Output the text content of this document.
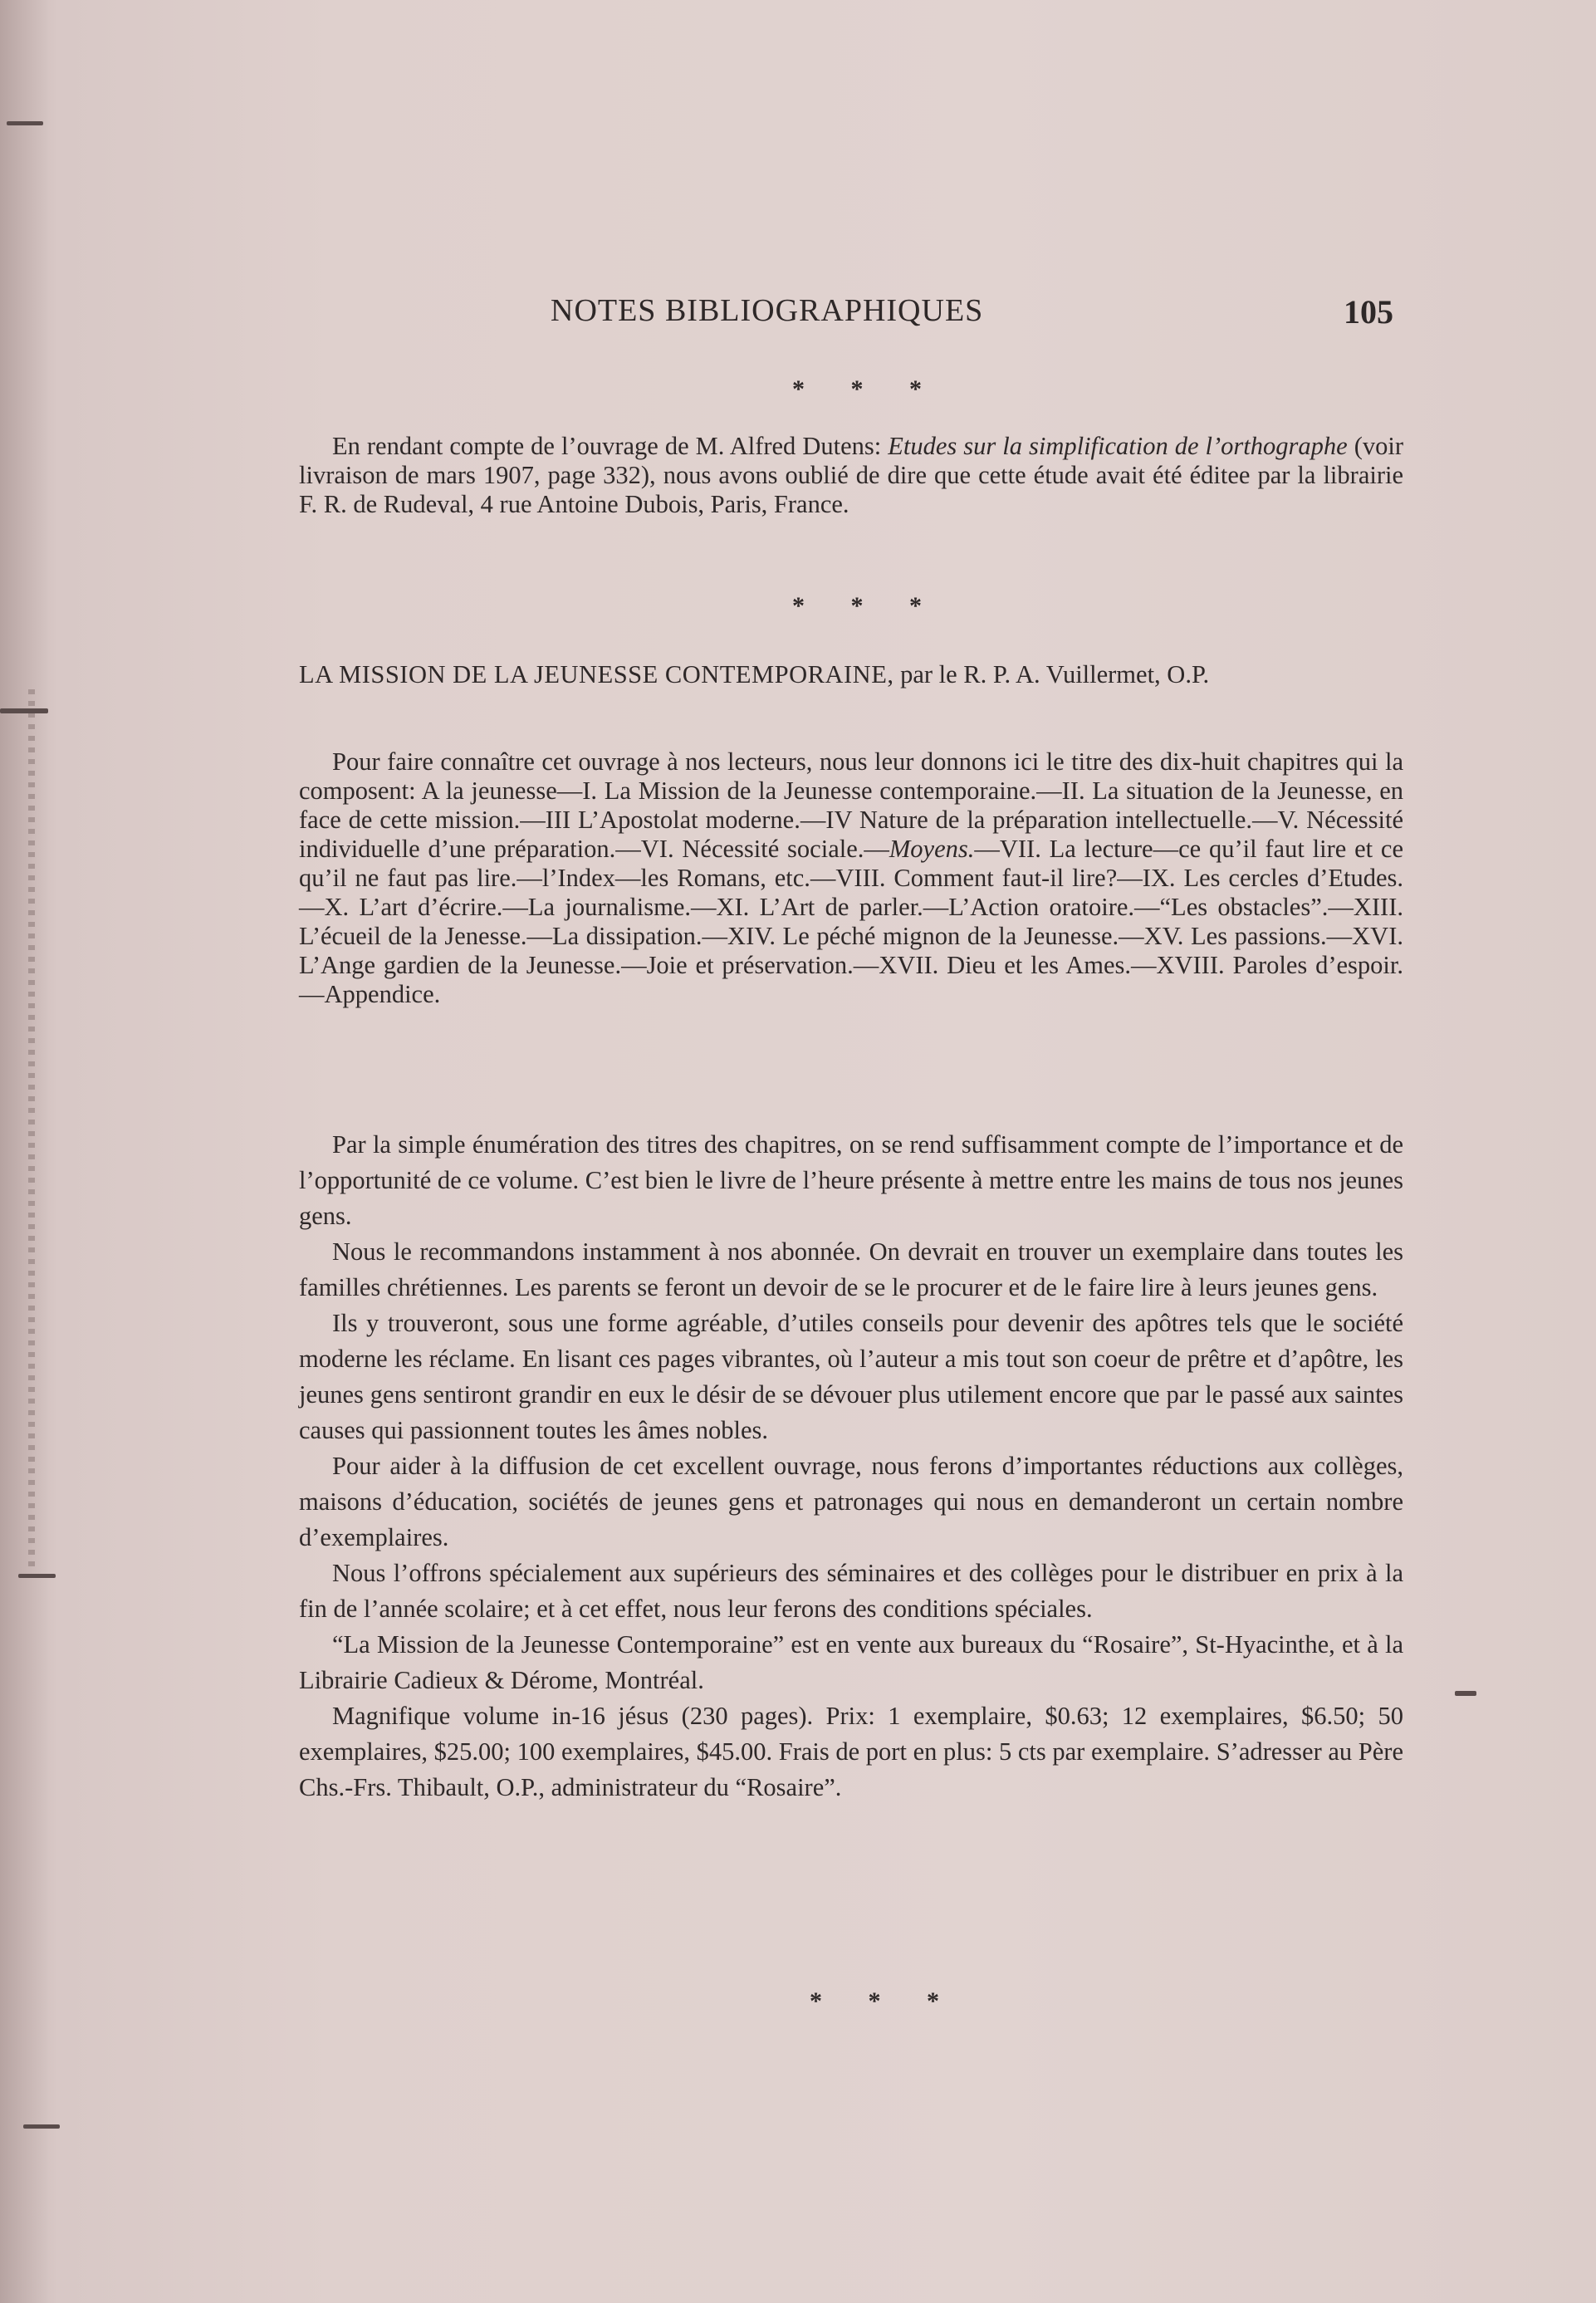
NOTES BIBLIOGRAPHIQUES	105
* * *

En rendant compte de l’ouvrage de M. Alfred Dutens: Etudes sur la simplification de l’orthographe (voir livraison de mars 1907, page 332), nous avons oublié de dire que cette étude avait été éditee par la librairie F. R. de Rudeval, 4 rue Antoine Dubois, Paris, France.

* * *

LA MISSION DE LA JEUNESSE CONTEMPORAINE, par le R. P. A. Vuillermet, O.P.

Pour faire connaître cet ouvrage à nos lecteurs, nous leur donnons ici le titre des dix-huit chapitres qui la composent: A la jeunesse—I. La Mission de la Jeunesse contemporaine.—II. La situation de la Jeunesse, en face de cette mission.—III L’Apostolat moderne.—IV Nature de la préparation intellectuelle.—V. Nécessité individuelle d’une préparation.—VI. Nécessité sociale.—Moyens.—VII. La lecture—ce qu’il faut lire et ce qu’il ne faut pas lire.—l’Index—les Romans, etc.—VIII. Comment faut-il lire?—IX. Les cercles d’Etudes.—X. L’art d’écrire.—La journalisme.—XI. L’Art de parler.—L’Action oratoire.—“Les obstacles”.—XIII. L’écueil de la Jenesse.—La dissipation.—XIV. Le péché mignon de la Jeunesse.—XV. Les passions.—XVI. L’Ange gardien de la Jeunesse.—Joie et préservation.—XVII. Dieu et les Ames.—XVIII. Paroles d’espoir.—Appendice.

Par la simple énumération des titres des chapitres, on se rend suffisamment compte de l’importance et de l’opportunité de ce volume. C’est bien le livre de l’heure présente à mettre entre les mains de tous nos jeunes gens.

Nous le recommandons instamment à nos abonnée. On devrait en trouver un exemplaire dans toutes les familles chrétiennes. Les parents se feront un devoir de se le procurer et de le faire lire à leurs jeunes gens.

Ils y trouveront, sous une forme agréable, d’utiles conseils pour devenir des apôtres tels que le société moderne les réclame. En lisant ces pages vibrantes, où l’auteur a mis tout son coeur de prêtre et d’apôtre, les jeunes gens sentiront grandir en eux le désir de se dévouer plus utilement encore que par le passé aux saintes causes qui passionnent toutes les âmes nobles.

Pour aider à la diffusion de cet excellent ouvrage, nous ferons d’importantes réductions aux collèges, maisons d’éducation, sociétés de jeunes gens et patronages qui nous en demanderont un certain nombre d’exemplaires.

Nous l’offrons spécialement aux supérieurs des séminaires et des collèges pour le distribuer en prix à la fin de l’année scolaire; et à cet effet, nous leur ferons des conditions spéciales.

“La Mission de la Jeunesse Contemporaine” est en vente aux bureaux du “Rosaire”, St-Hyacinthe, et à la Librairie Cadieux & Dérome, Montréal.

Magnifique volume in-16 jésus (230 pages). Prix: 1 exemplaire, $0.63; 12 exemplaires, $6.50; 50 exemplaires, $25.00; 100 exemplaires, $45.00. Frais de port en plus: 5 cts par exemplaire. S’adresser au Père Chs.-Frs. Thibault, O.P., administrateur du “Rosaire”.

* * *
